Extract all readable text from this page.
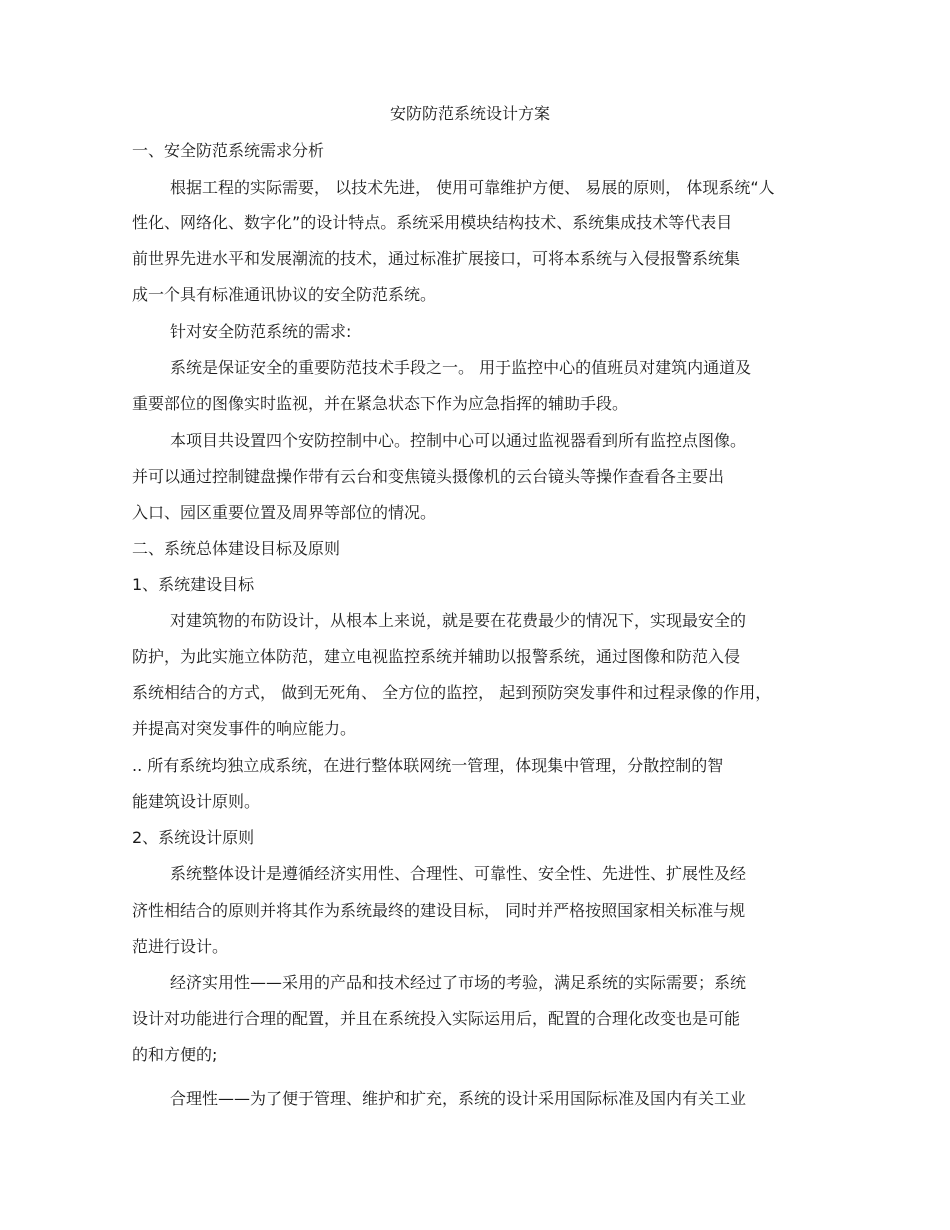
安防防范系统设计方案
一、安全防范系统需求分析
根据工程的实际需要， 以技术先进， 使用可靠维护方便、 易展的原则， 体现系统“人
性化、网络化、数字化”的设计特点。系统采用模块结构技术、系统集成技术等代表目
前世界先进水平和发展潮流的技术，通过标准扩展接口，可将本系统与入侵报警系统集
成一个具有标准通讯协议的安全防范系统。
针对安全防范系统的需求:
系统是保证安全的重要防范技术手段之一。 用于监控中心的值班员对建筑内通道及
重要部位的图像实时监视，并在紧急状态下作为应急指挥的辅助手段。
本项目共设置四个安防控制中心。控制中心可以通过监视器看到所有监控点图像。
并可以通过控制键盘操作带有云台和变焦镜头摄像机的云台镜头等操作查看各主要出
入口、园区重要位置及周界等部位的情况。
二、系统总体建设目标及原则
1、系统建设目标
对建筑物的布防设计，从根本上来说，就是要在花费最少的情况下，实现最安全的
防护，为此实施立体防范，建立电视监控系统并辅助以报警系统，通过图像和防范入侵
系统相结合的方式， 做到无死角、 全方位的监控， 起到预防突发事件和过程录像的作用，
并提高对突发事件的响应能力。
.. 所有系统均独立成系统，在进行整体联网统一管理，体现集中管理，分散控制的智
能建筑设计原则。
2、系统设计原则
系统整体设计是遵循经济实用性、合理性、可靠性、安全性、先进性、扩展性及经
济性相结合的原则并将其作为系统最终的建设目标， 同时并严格按照国家相关标准与规
范进行设计。
经济实用性——采用的产品和技术经过了市场的考验，满足系统的实际需要；系统
设计对功能进行合理的配置，并且在系统投入实际运用后，配置的合理化改变也是可能
的和方便的;
合理性——为了便于管理、维护和扩充，系统的设计采用国际标准及国内有关工业
